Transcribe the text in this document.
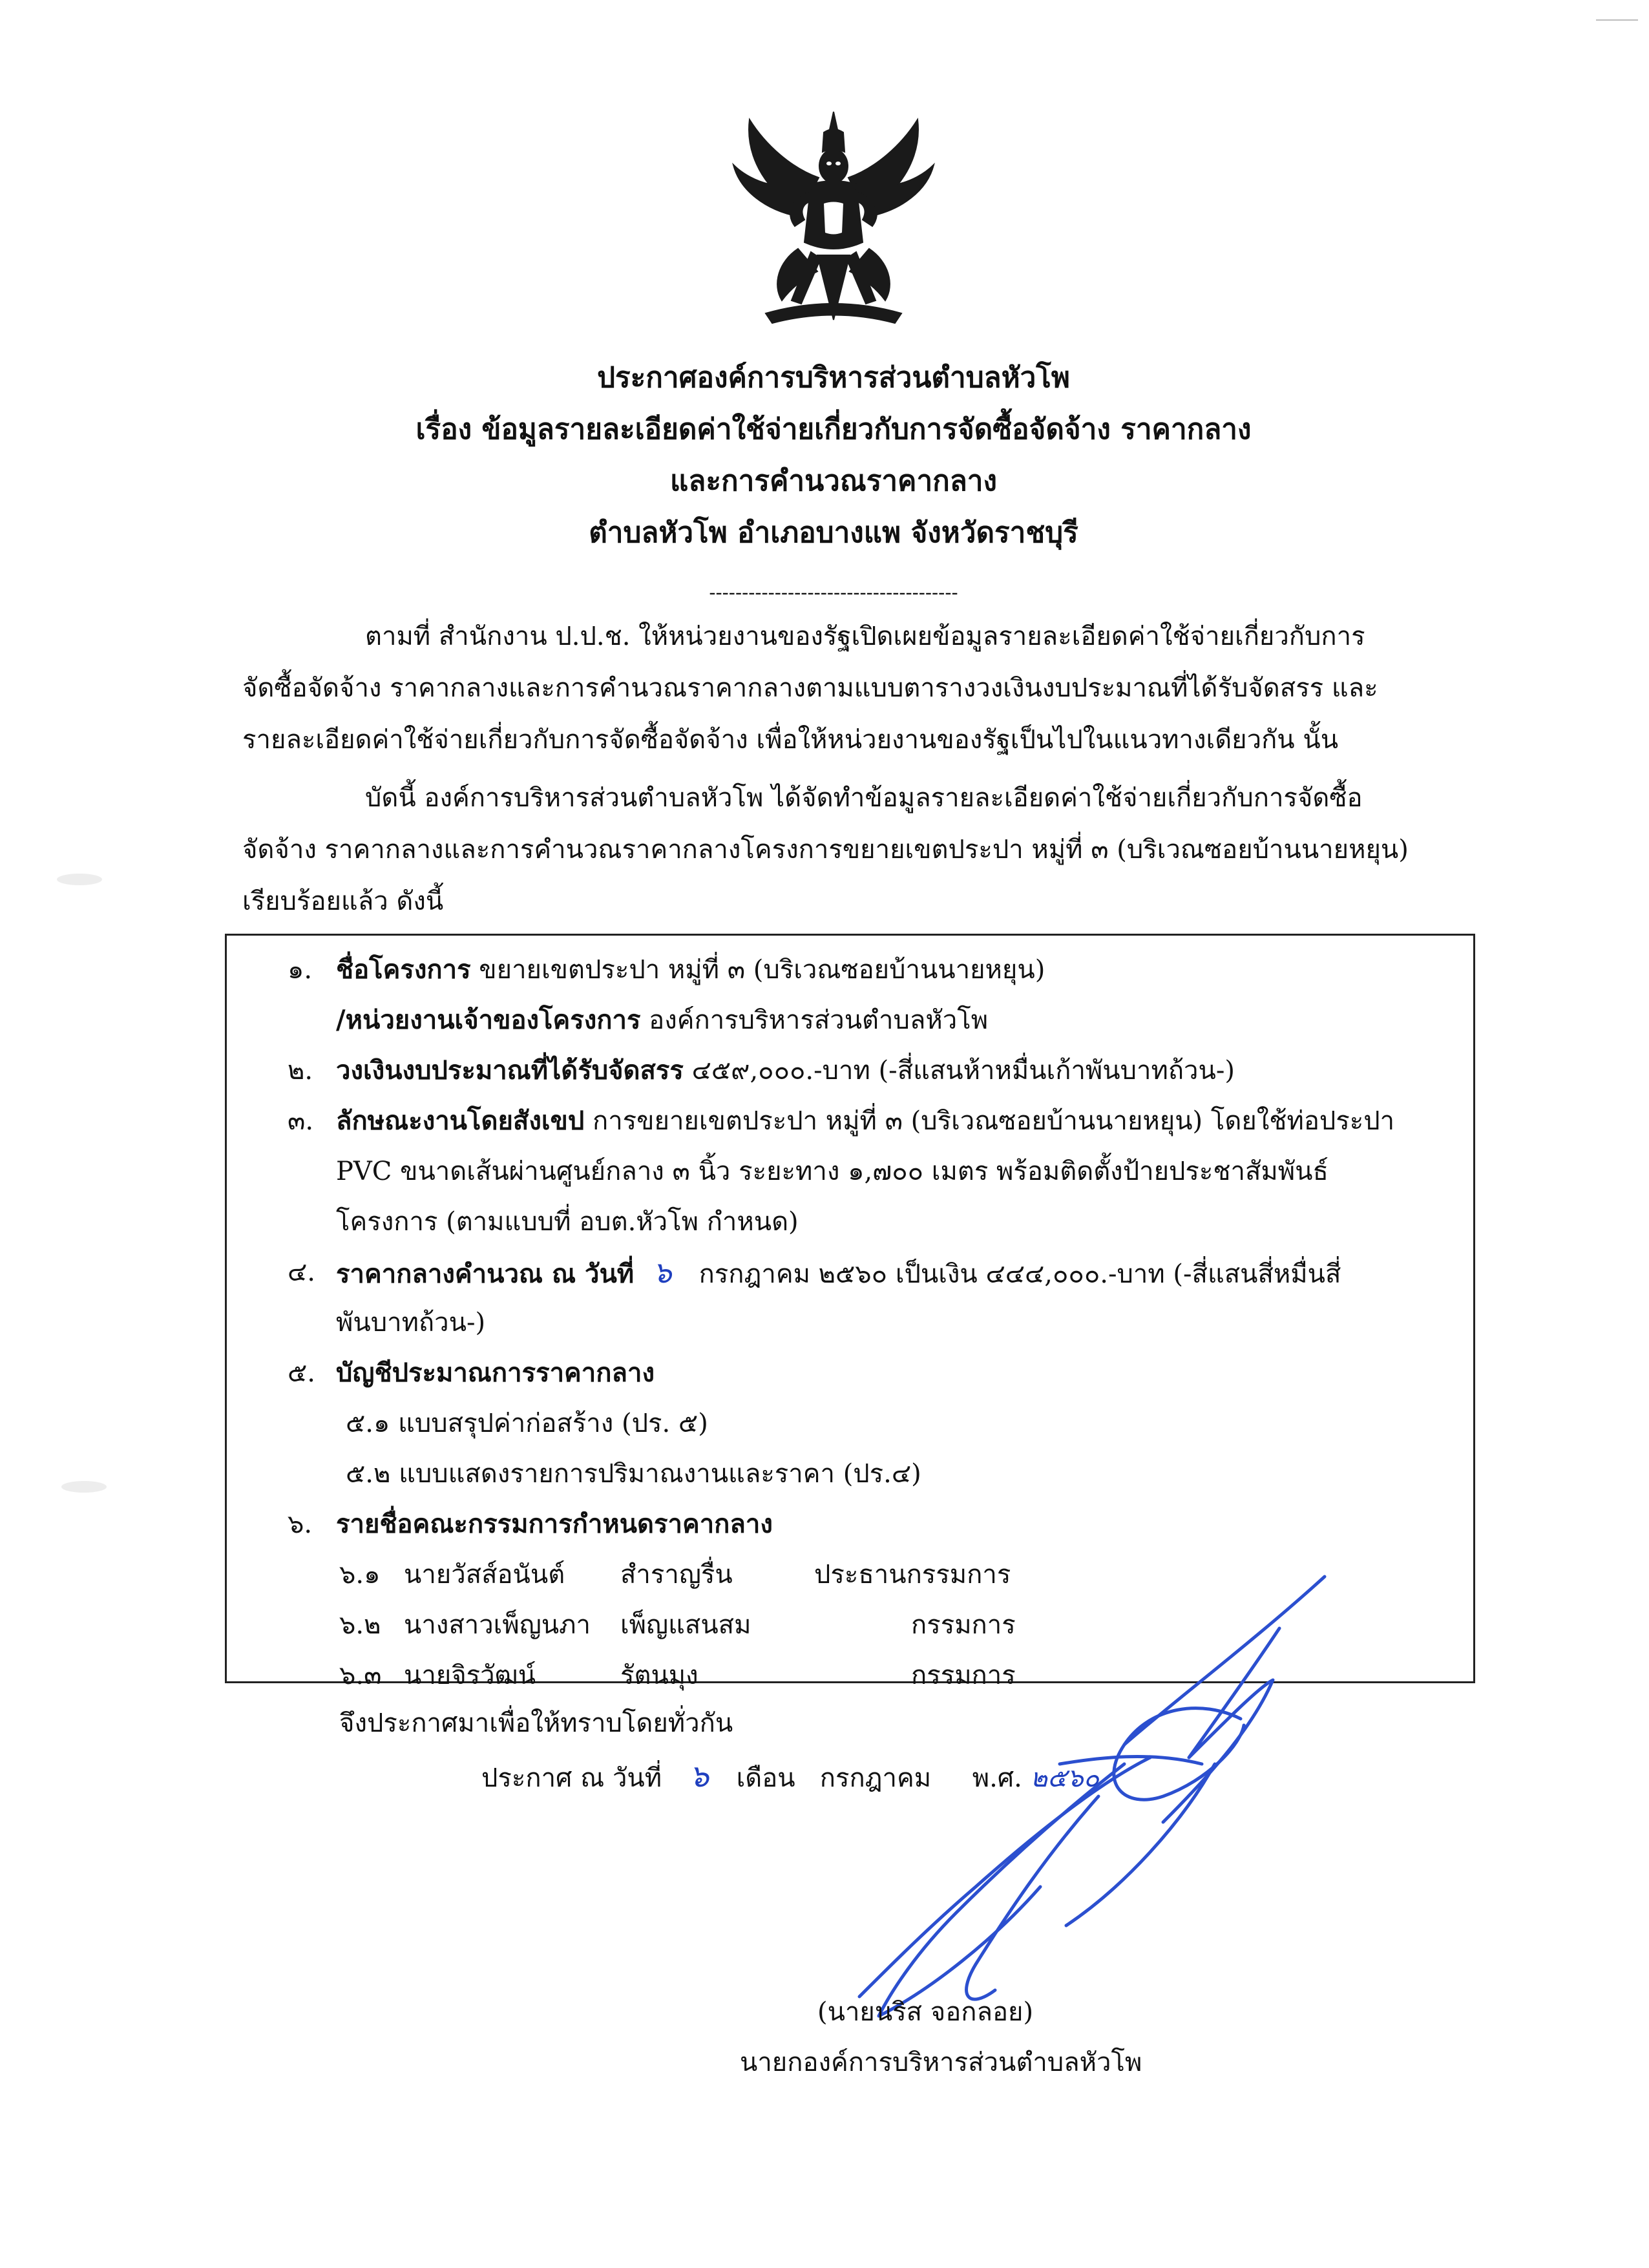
ประกาศองค์การบริหารส่วนตำบลหัวโพ
เรื่อง ข้อมูลรายละเอียดค่าใช้จ่ายเกี่ยวกับการจัดซื้อจัดจ้าง ราคากลาง
และการคำนวณราคากลาง
ตำบลหัวโพ อำเภอบางแพ จังหวัดราชบุรี
--------------------------------------
ตามที่ สำนักงาน ป.ป.ช. ให้หน่วยงานของรัฐเปิดเผยข้อมูลรายละเอียดค่าใช้จ่ายเกี่ยวกับการ
จัดซื้อจัดจ้าง ราคากลางและการคำนวณราคากลางตามแบบตารางวงเงินงบประมาณที่ได้รับจัดสรร และ
รายละเอียดค่าใช้จ่ายเกี่ยวกับการจัดซื้อจัดจ้าง เพื่อให้หน่วยงานของรัฐเป็นไปในแนวทางเดียวกัน นั้น
บัดนี้ องค์การบริหารส่วนตำบลหัวโพ ได้จัดทำข้อมูลรายละเอียดค่าใช้จ่ายเกี่ยวกับการจัดซื้อ
จัดจ้าง ราคากลางและการคำนวณราคากลางโครงการขยายเขตประปา หมู่ที่ ๓ (บริเวณซอยบ้านนายหยุน)
เรียบร้อยแล้ว ดังนี้
๑. ชื่อโครงการ ขยายเขตประปา หมู่ที่ ๓ (บริเวณซอยบ้านนายหยุน)
/หน่วยงานเจ้าของโครงการ องค์การบริหารส่วนตำบลหัวโพ
๒. วงเงินงบประมาณที่ได้รับจัดสรร ๔๕๙,๐๐๐.-บาท (-สี่แสนห้าหมื่นเก้าพันบาทถ้วน-)
๓. ลักษณะงานโดยสังเขป การขยายเขตประปา หมู่ที่ ๓ (บริเวณซอยบ้านนายหยุน) โดยใช้ท่อประปา
PVC ขนาดเส้นผ่านศูนย์กลาง ๓ นิ้ว ระยะทาง ๑,๗๐๐ เมตร พร้อมติดตั้งป้ายประชาสัมพันธ์
โครงการ (ตามแบบที่ อบต.หัวโพ กำหนด)
๔. ราคากลางคำนวณ ณ วันที่ ๖   กรกฎาคม ๒๕๖๐ เป็นเงิน ๔๔๔,๐๐๐.-บาท (-สี่แสนสี่หมื่นสี่
พันบาทถ้วน-)
๕. บัญชีประมาณการราคากลาง
๕.๑ แบบสรุปค่าก่อสร้าง (ปร. ๕)
๕.๒ แบบแสดงรายการปริมาณงานและราคา (ปร.๔)
๖. รายชื่อคณะกรรมการกำหนดราคากลาง
๖.๑ นายวัสส์อนันต์ สำราญรื่น	ประธานกรรมการ
๖.๒ นางสาวเพ็ญนภา เพ็ญแสนสม	กรรมการ
๖.๓ นายจิรวัฒน์	รัตนมุง	กรรมการ
จึงประกาศมาเพื่อให้ทราบโดยทั่วกัน
ประกาศ ณ วันที่ ๖ เดือน กรกฎาคม พ.ศ. ๒๕๖๐
(นายนริส จอกลอย)
นายกองค์การบริหารส่วนตำบลหัวโพ
